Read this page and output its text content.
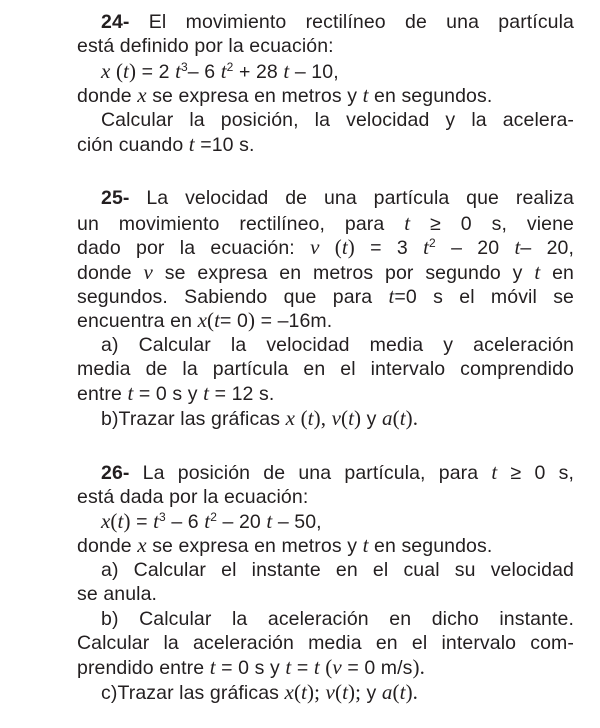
24- El movimiento rectilíneo de una partícula
está definido por la ecuación:
x (t) = 2 $t^3-$ 6 $t^2 + 28$ t – 10,
donde x se expresa en metros y t en segundos.
Calcular la posición, la velocidad y la acelera-
ción cuando t =10 s.
25- La velocidad de una partícula que realiza
un movimiento rectilíneo, para t ≥ 0 s, viene
dado por la ecuación: v (t) = 3 $t^2 - 20$ t– 20,
donde v se expresa en metros por segundo y t en
segundos. Sabiendo que para t=0 s el móvil se
encuentra en x(t= 0) = –16m.
a) Calcular la velocidad media y aceleración
media de la partícula en el intervalo comprendido
entre t = 0 s y t = 12 s.
b)Trazar las gráficas x (t), v(t) y a(t).
26- La posición de una partícula, para t ≥ 0 s,
está dada por la ecuación:
$x(t) = t^3 - 6$ $t^2 - 20$ t – 50,
donde x se expresa en metros y t en segundos.
a) Calcular el instante en el cual su velocidad
se anula.
b) Calcular la aceleración en dicho instante.
Calcular la aceleración media en el intervalo com-
prendido entre t = 0 s y t = t (v = 0 m/s).
c)Trazar las gráficas x(t); v(t); y a(t).
